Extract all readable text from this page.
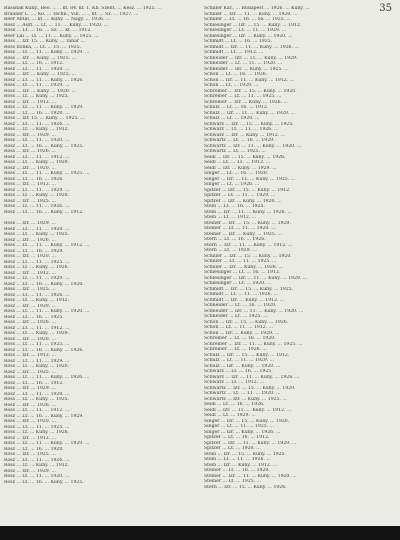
35
Russnák Kuny., Beo. ... ., kt. 84. kf. 1. Kb. Szent. ... Kesz. ... 1925. ...
Brauner L. ..., Kö. ... Techn., Vill. ... ., kt. ... Sz. ... 1927. ...
Beer Antal, ... kt. ... Kuny. ... Nagy. ... 1926. ...
Rosz ... Aszt. ... Lt. ... 11. ... Kuny. ... 1920. ...
Rose ... Lt. ... 16. ... Sz. ... kt. ... 1912.
Beer Lili ... Lt. ... 11. ... Kuny. ... 1925. ...
Ross ... Izr. 15. ... Kuny. ... Tanár ...
Ross Ilonka, ... Lt. ... 15. ... 1925.
Ross ... Lt. ... 11. ... Kuny. ... 1929. ...
Ross ... Izr. ... Kuny. ... 1925. ...
Ross ... Lt. ... 16. ... 1912.
Rosz ... Lt. ... 11. ... 1920. ...
Ross ... Izr. ... Kuny. ... 1925. ...
Rosz ... Lt. ... 11. ... Kuny. ... 1926.
Ross ... Lt. ... 11. ... 1929. ...
Rosz ... Izr. ... Kuny. ... 1920. ...
Ross ... Lt. ... Kuny. ... 1925.
Rosz ... Izr. ... 1912. ...
Ross ... Lt. ... 11. ... Kuny. ... 1929.
Rosz ... Lt. ... 16. ... 1920. ...
Ross ... Izr. 15. ... Kuny. ... 1925. ...
Rosz ... Lt. ... 11. ... 1926. ...
Ross ... Lt. ... Kuny. ... 1912.
Rosz ... Izr. ... 1929. ...
Ross ... Lt. ... 11. ... 1920. ...
Rosz ... Lt. ... 16. ... Kuny. ... 1925.
Ross ... Izr. ... 1926. ...
Rosz ... Lt. ... 11. ... 1912. ...
Ross ... Lt. ... Kuny. ... 1929.
Rosz ... Izr. ... 1920. ...
Ross ... Lt. ... 11. ... Kuny. ... 1925. ...
Rosz ... Lt. ... 16. ... 1926.
Ross ... Izr. ... 1912. ...
Rosz ... Lt. ... 11. ... 1929. ...
Ross ... Lt. ... Kuny. ... 1920.
Rosz ... Izr. ... 1925. ...
Ross ... Lt. ... 11. ... 1926. ...
Rosz ... Lt. ... 16. ... Kuny. ... 1912.
Ross ... Izr. ... 1929. ...
Rosz ... Lt. ... 11. ... 1920. ...
Ross ... Lt. ... Kuny. ... 1925.
Rosz ... Izr. ... 1926. ...
Ross ... Lt. ... 11. ... Kuny. ... 1912. ...
Rosz ... Lt. ... 16. ... 1929.
Ross ... Izr. ... 1920. ...
Rosz ... Lt. ... 11. ... 1925. ...
Ross ... Lt. ... Kuny. ... 1926.
Rosz ... Izr. ... 1912. ...
Ross ... Lt. ... 11. ... 1929. ...
Rosz ... Lt. ... 16. ... Kuny. ... 1920.
Ross ... Izr. ... 1925. ...
Rosz ... Lt. ... 11. ... 1926. ...
Ross ... Lt. ... Kuny. ... 1912.
Rosz ... Izr. ... 1929. ...
Ross ... Lt. ... 11. ... Kuny. ... 1920. ...
Rosz ... Lt. ... 16. ... 1925.
Ross ... Izr. ... 1926. ...
Rosz ... Lt. ... 11. ... 1912. ...
Ross ... Lt. ... Kuny. ... 1929.
Rosz ... Izr. ... 1920. ...
Ross ... Lt. ... 11. ... 1925. ...
Rosz ... Lt. ... 16. ... Kuny. ... 1926.
Ross ... Izr. ... 1912. ...
Rosz ... Lt. ... 11. ... 1929. ...
Ross ... Lt. ... Kuny. ... 1920.
Rosz ... Izr. ... 1925. ...
Ross ... Lt. ... 11. ... Kuny. ... 1926. ...
Rosz ... Lt. ... 16. ... 1912.
Ross ... Izr. ... 1929. ...
Rosz ... Lt. ... 11. ... 1920. ...
Ross ... Lt. ... Kuny. ... 1925.
Rosz ... Izr. ... 1926. ...
Ross ... Lt. ... 11. ... 1912. ...
Rosz ... Lt. ... 16. ... Kuny. ... 1929.
Ross ... Izr. ... 1920. ...
Rosz ... Lt. ... 11. ... 1925. ...
Ross ... Lt. ... Kuny. ... 1926.
Rosz ... Izr. ... 1912. ...
Ross ... Lt. ... 11. ... Kuny. ... 1929. ...
Rosz ... Lt. ... 16. ... 1920.
Ross ... Izr. ... 1925. ...
Rosz ... Lt. ... 11. ... 1926. ...
Ross ... Lt. ... Kuny. ... 1912.
Rosz ... Izr. ... 1929. ...
Ross ... Lt. ... 11. ... 1920. ...
Rosz ... Lt. ... 16. ... Kuny. ... 1925.
Schiller Kár., ... Budapest ... 1926. ... Kuny. ...
Schiller ... Izr. ... 11. ... Kuny. ... 1920. ...
Schiller ... Lt. ... 16. ... Sz. ... 1925. ...
Schlesinger ... Izr. ... 15. ... Kuny. ... 1912.
Schlesinger ... Lt. ... 11. ... 1929. ...
Schlesinger ... Izr. ... Kuny. ... 1920. ...
Schmidt ... Lt. ... 16. ... 1925.
Schmidt ... Izr. ... 11. ... Kuny. ... 1926. ...
Schmidt ... Lt. ... 1912. ...
Schneider ... Izr. ... 15. ... Kuny. ... 1929.
Schneider ... Lt. ... 11. ... 1920. ...
Schneider ... Izr. ... Kuny. ... 1925. ...
Schön ... Lt. ... 16. ... 1926.
Schön ... Izr. ... 11. ... Kuny. ... 1912. ...
Schön ... Lt. ... 1929. ...
Schreiber ... Izr. ... 15. ... Kuny. ... 1920.
Schreiber ... Lt. ... 11. ... 1925. ...
Schreiber ... Izr. ... Kuny. ... 1926. ...
Schulz ... Lt. ... 16. ... 1912.
Schulz ... Izr. ... 11. ... Kuny. ... 1929. ...
Schulz ... Lt. ... 1920. ...
Schwarz ... Izr. ... 15. ... Kuny. ... 1925.
Schwarz ... Lt. ... 11. ... 1926. ...
Schwarz ... Izr. ... Kuny. ... 1912. ...
Schwartz ... Lt. ... 16. ... 1929.
Schwartz ... Izr. ... 11. ... Kuny. ... 1920. ...
Schwartz ... Lt. ... 1925. ...
Seidl ... Izr. ... 15. ... Kuny. ... 1926.
Seidl ... Lt. ... 11. ... 1912. ...
Seidl ... Izr. ... Kuny. ... 1929. ...
Singer ... Lt. ... 16. ... 1920.
Singer ... Izr. ... 11. ... Kuny. ... 1925. ...
Singer ... Lt. ... 1926. ...
Spitzer ... Izr. ... 15. ... Kuny. ... 1912.
Spitzer ... Lt. ... 11. ... 1929. ...
Spitzer ... Izr. ... Kuny. ... 1920. ...
Stein ... Lt. ... 16. ... 1925.
Stein ... Izr. ... 11. ... Kuny. ... 1926. ...
Stein ... Lt. ... 1912. ...
Steiner ... Izr. ... 15. ... Kuny. ... 1929.
Steiner ... Lt. ... 11. ... 1920. ...
Steiner ... Izr. ... Kuny. ... 1925. ...
Stern ... Lt. ... 16. ... 1926.
Stern ... Izr. ... 11. ... Kuny. ... 1912. ...
Stern ... Lt. ... 1929. ...
Schiller ... Izr. ... 15. ... Kuny. ... 1920.
Schiller ... Lt. ... 11. ... 1925. ...
Schiller ... Izr. ... Kuny. ... 1926. ...
Schlesinger ... Lt. ... 16. ... 1912.
Schlesinger ... Izr. ... 11. ... Kuny. ... 1929. ...
Schlesinger ... Lt. ... 1920. ...
Schmidt ... Izr. ... 15. ... Kuny. ... 1925.
Schmidt ... Lt. ... 11. ... 1926. ...
Schmidt ... Izr. ... Kuny. ... 1912. ...
Schneider ... Lt. ... 16. ... 1929.
Schneider ... Izr. ... 11. ... Kuny. ... 1920. ...
Schneider ... Lt. ... 1925. ...
Schön ... Izr. ... 15. ... Kuny. ... 1926.
Schön ... Lt. ... 11. ... 1912. ...
Schön ... Izr. ... Kuny. ... 1929. ...
Schreiber ... Lt. ... 16. ... 1920.
Schreiber ... Izr. ... 11. ... Kuny. ... 1925. ...
Schreiber ... Lt. ... 1926. ...
Schulz ... Izr. ... 15. ... Kuny. ... 1912.
Schulz ... Lt. ... 11. ... 1929. ...
Schulz ... Izr. ... Kuny. ... 1920. ...
Schwarz ... Lt. ... 16. ... 1925.
Schwarz ... Izr. ... 11. ... Kuny. ... 1926. ...
Schwarz ... Lt. ... 1912. ...
Schwartz ... Izr. ... 15. ... Kuny. ... 1929.
Schwartz ... Lt. ... 11. ... 1920. ...
Schwartz ... Izr. ... Kuny. ... 1925. ...
Seidl ... Lt. ... 16. ... 1926.
Seidl ... Izr. ... 11. ... Kuny. ... 1912. ...
Seidl ... Lt. ... 1929. ...
Singer ... Izr. ... 15. ... Kuny. ... 1920.
Singer ... Lt. ... 11. ... 1925. ...
Singer ... Izr. ... Kuny. ... 1926. ...
Spitzer ... Lt. ... 16. ... 1912.
Spitzer ... Izr. ... 11. ... Kuny. ... 1929. ...
Spitzer ... Lt. ... 1920. ...
Stein ... Izr. ... 15. ... Kuny. ... 1925.
Stein ... Lt. ... 11. ... 1926. ...
Stein ... Izr. ... Kuny. ... 1912. ...
Steiner ... Lt. ... 16. ... 1929.
Steiner ... Izr. ... 11. ... Kuny. ... 1920. ...
Steiner ... Lt. ... 1925. ...
Stern ... Izr. ... 15. ... Kuny. ... 1926.
